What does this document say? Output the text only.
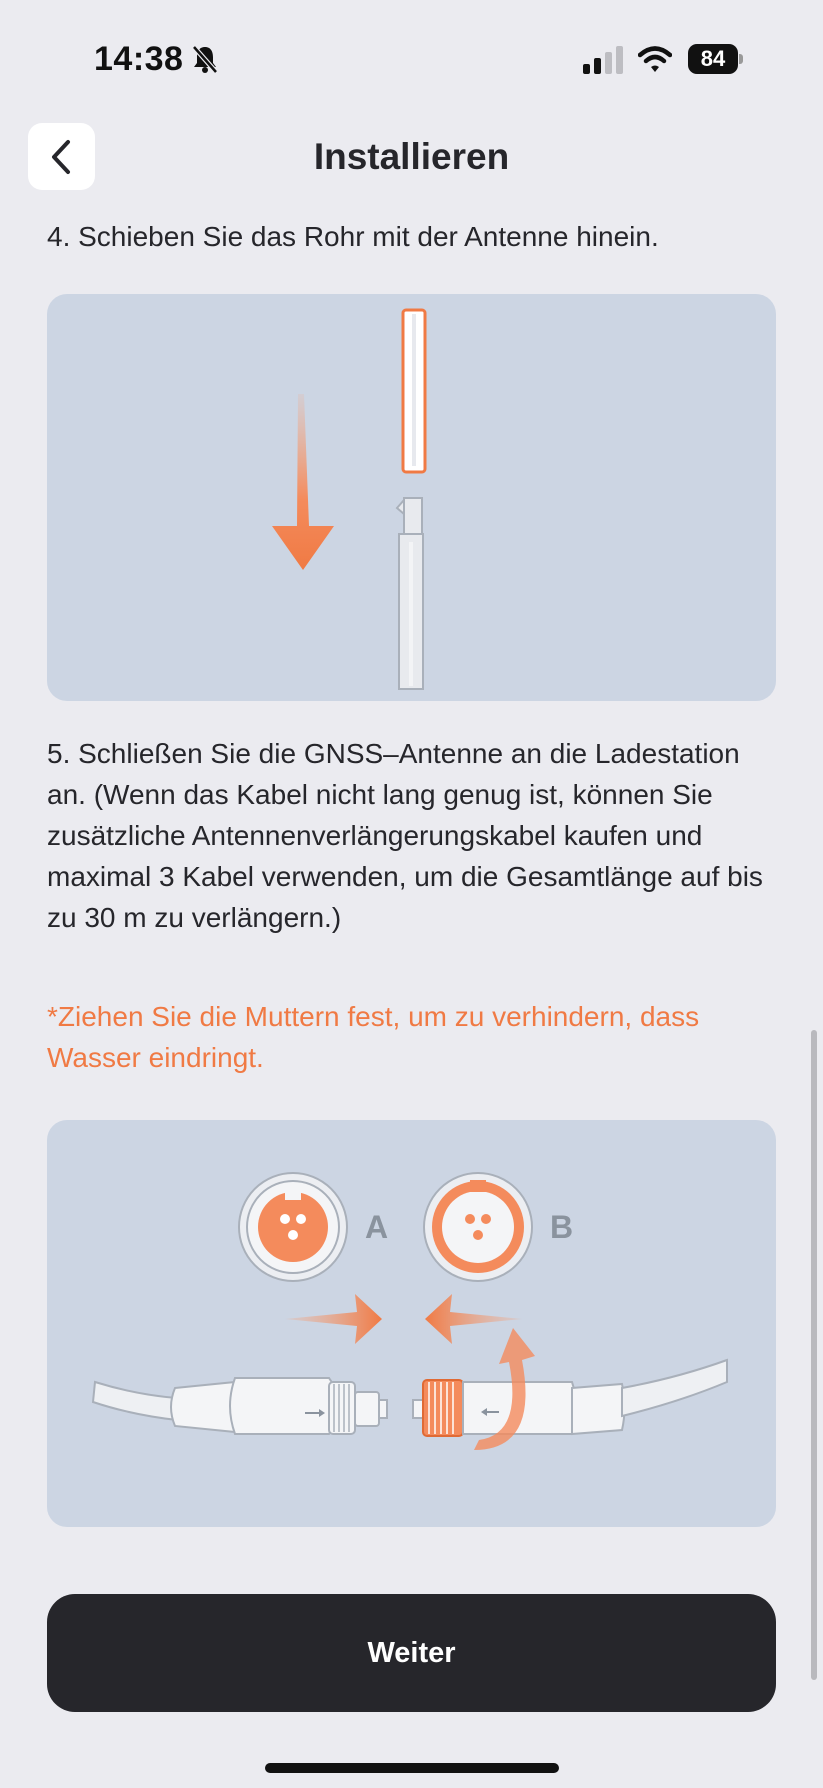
14:38	84
Installieren
4. Schieben Sie das Rohr mit der Antenne hinein.
5. Schließen Sie die GNSS–Antenne an die Ladestation an. (Wenn das Kabel nicht lang genug ist, können Sie zusätzliche Antennenverlängerungskabel kaufen und maximal 3 Kabel verwenden, um die Gesamtlänge auf bis zu 30 m zu verlängern.)
*Ziehen Sie die Muttern fest, um zu verhindern, dass Wasser eindringt.
A	B
Weiter
